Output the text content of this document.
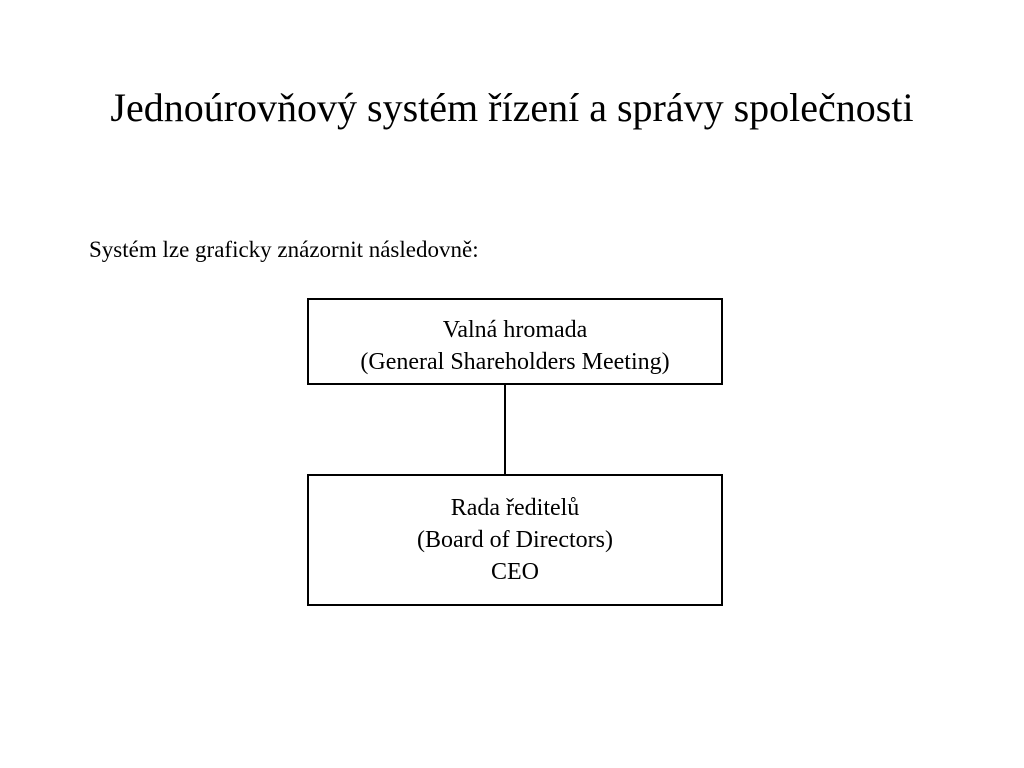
Jednoúrovňový systém řízení a správy společnosti

Systém lze graficky znázornit následovně:

Valná hromada
(General Shareholders Meeting)
Rada ředitelů
(Board of Directors)
CEO
